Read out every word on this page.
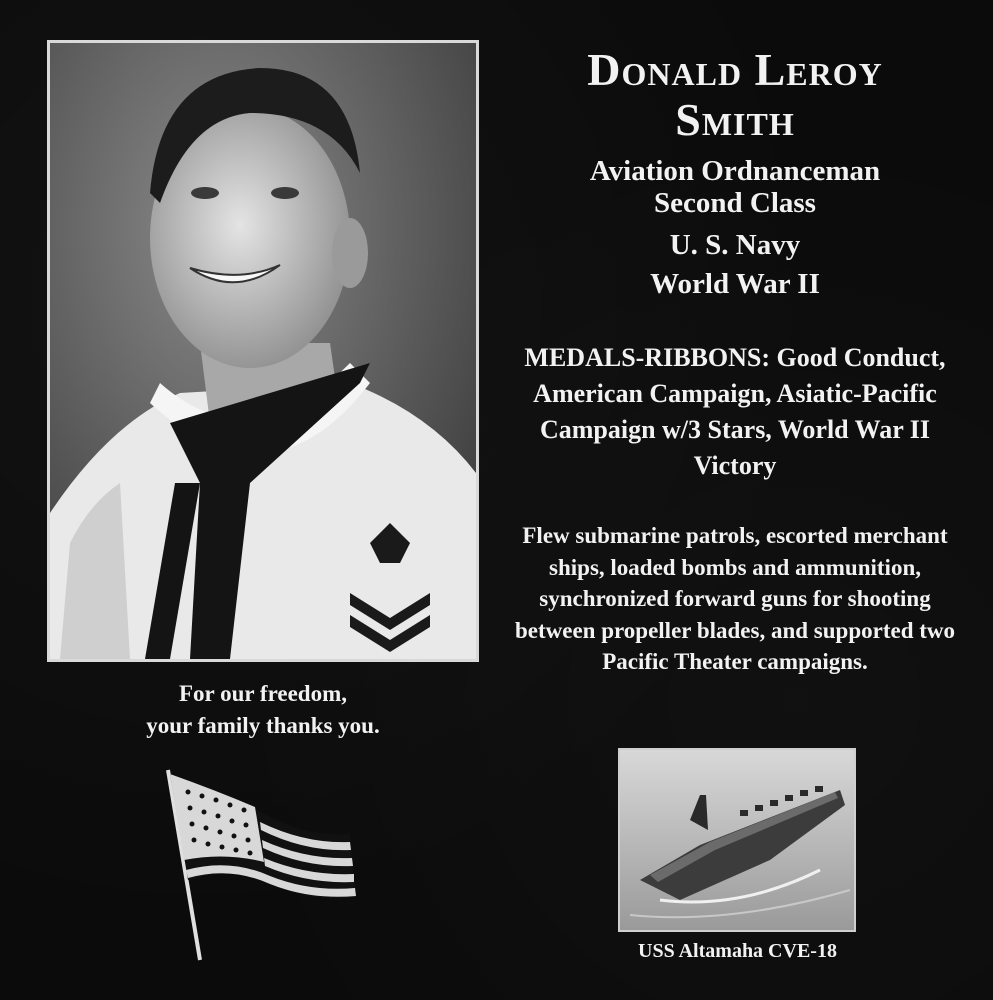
Donald Leroy
Smith
Aviation Ordnanceman Second Class
U. S. Navy
World War II
MEDALS-RIBBONS: Good Conduct, American Campaign, Asiatic-Pacific Campaign w/3 Stars, World War II Victory
Flew submarine patrols, escorted merchant ships, loaded bombs and ammunition, synchronized forward guns for shooting between propeller blades, and supported two Pacific Theater campaigns.
For our freedom,
your family thanks you.
USS Altamaha CVE-18
